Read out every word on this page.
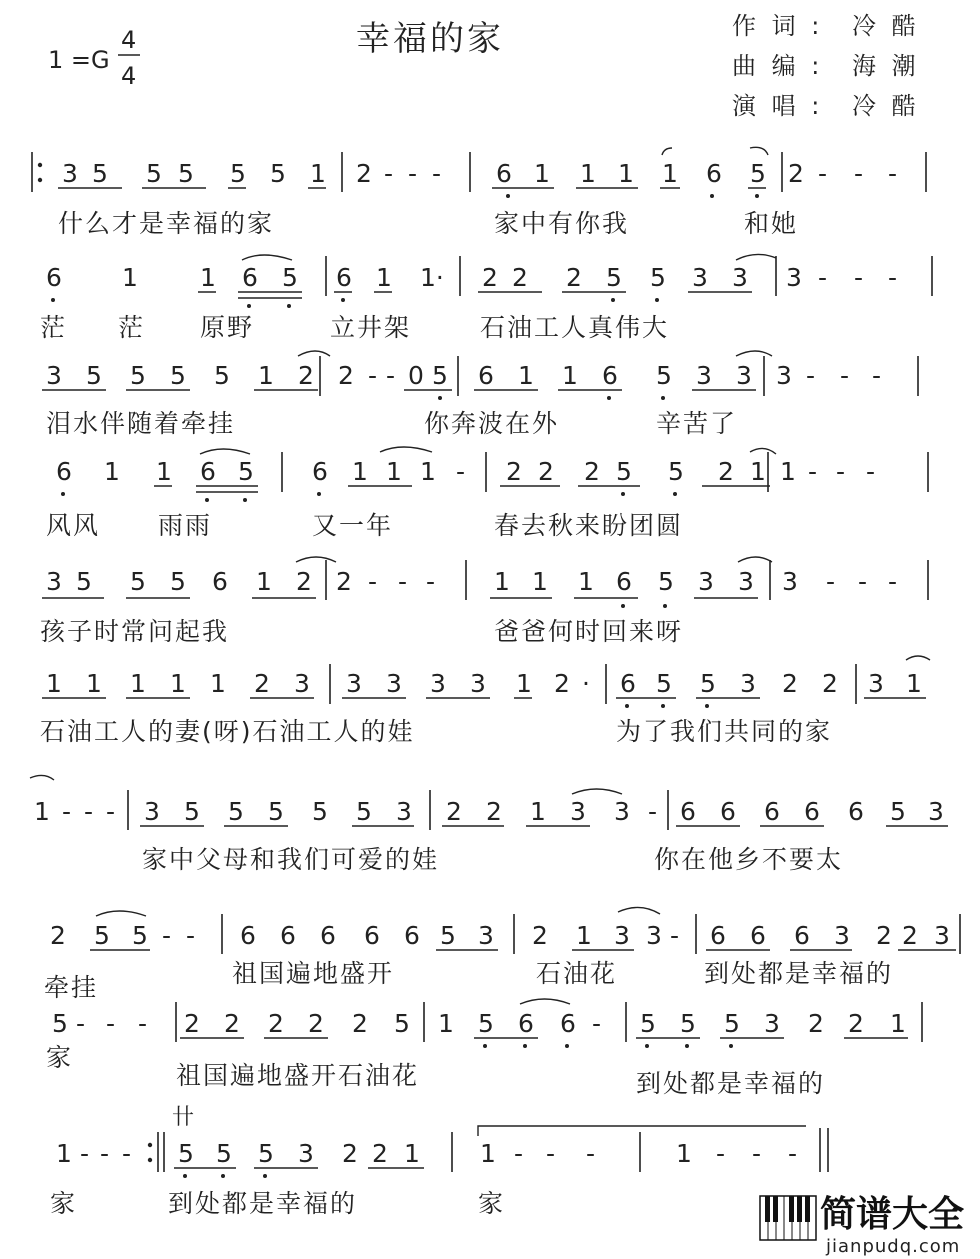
1 =G
4
4
幸福的家	作 词 : 冷 酷
曲 编 : 海 潮
演 唱 : 冷 酷
3 5 5 5 5 5 1 2 - - - 6 1 1 1 1 6 5 2 - - -
什么才是幸福的家	家中有你我	和她
6 1 1 6 5 6 1 1· 2 2 2 5 5 3 3 3 - - -
茫 茫 原野	立井架	石油工人真伟大
3 5 5 5 5 1 2 2 - - 0 5 6 1 1 6 5 3 3 3 - - -
泪水伴随着牵挂	你奔波在外	辛苦了
6 1 1 6 5 6 1 1 1 - 2 2 2 5 5 2 1 1 - - -
风风 雨雨	又一年	春去秋来盼团圆
3 5 5 5 6 1 2 2 - - - 1 1 1 6 5 3 3 3 - - -
孩子时常问起我	爸爸何时回来呀
1 1 1 1 1 2 3 3 3 3 3 1 2 · 6 5 5 3 2 2 3 1
石油工人的妻(呀)石油工人的娃	为了我们共同的家
1 - - - 3 5 5 5 5 5 3 2 2 1 3 3 - 6 6 6 6 6 5 3
家中父母和我们可爱的娃	你在他乡不要太
2 5 5 - - 6 6 6 6 6 5 3 2 1 3 3 - 6 6 6 3 2 2 3
牵挂	祖国遍地盛开	石油花	到处都是幸福的
5 - - - 2 2 2 2 2 5 1 5 6 6 - 5 5 5 3 2 2 1
家
祖国遍地盛开石油花	到处都是幸福的
卄
1 - - - 5 5 5 3 2 2 1 1 - - -	1 - - -
家	到处都是幸福的	家	简谱大全
jianpudq.com
